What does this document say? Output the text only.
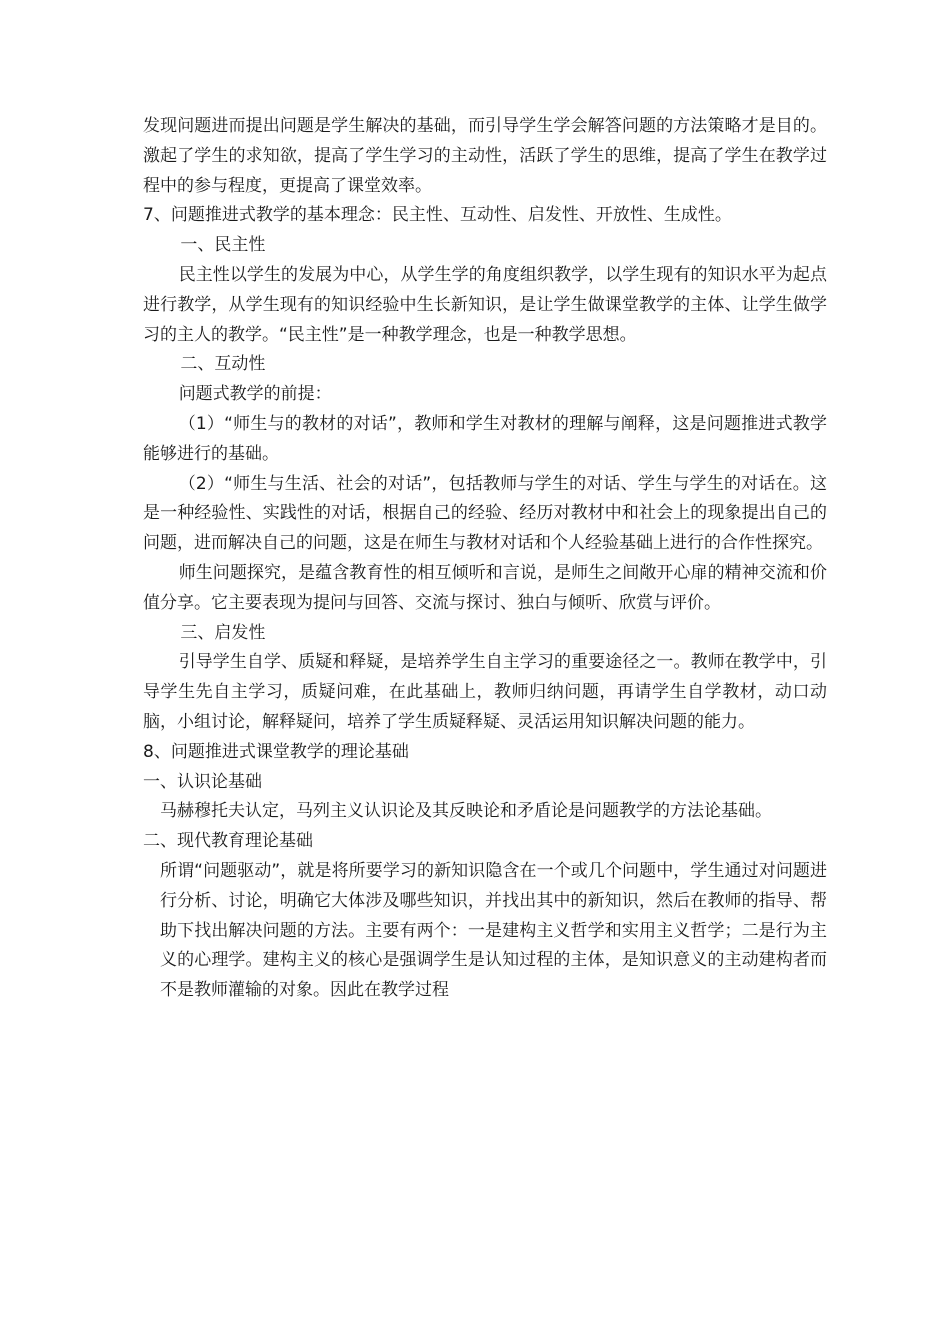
发现问题进而提出问题是学生解决的基础，而引导学生学会解答问题的方法策略才是目的。激起了学生的求知欲，提高了学生学习的主动性，活跃了学生的思维，提高了学生在教学过程中的参与程度，更提高了课堂效率。

7、问题推进式教学的基本理念：民主性、互动性、启发性、开放性、生成性。

一、民主性

民主性以学生的发展为中心，从学生学的角度组织教学，以学生现有的知识水平为起点进行教学，从学生现有的知识经验中生长新知识，是让学生做课堂教学的主体、让学生做学习的主人的教学。“民主性”是一种教学理念，也是一种教学思想。

二、互动性

问题式教学的前提：

（1）“师生与的教材的对话”，教师和学生对教材的理解与阐释，这是问题推进式教学能够进行的基础。

（2）“师生与生活、社会的对话”，包括教师与学生的对话、学生与学生的对话在。这是一种经验性、实践性的对话，根据自己的经验、经历对教材中和社会上的现象提出自己的问题，进而解决自己的问题，这是在师生与教材对话和个人经验基础上进行的合作性探究。

师生问题探究，是蕴含教育性的相互倾听和言说，是师生之间敞开心扉的精神交流和价值分享。它主要表现为提问与回答、交流与探讨、独白与倾听、欣赏与评价。

三、启发性

引导学生自学、质疑和释疑，是培养学生自主学习的重要途径之一。教师在教学中，引导学生先自主学习，质疑问难，在此基础上，教师归纳问题，再请学生自学教材，动口动脑，小组讨论，解释疑问，培养了学生质疑释疑、灵活运用知识解决问题的能力。

8、问题推进式课堂教学的理论基础

一、认识论基础

马赫穆托夫认定，马列主义认识论及其反映论和矛盾论是问题教学的方法论基础。

二、现代教育理论基础

所谓“问题驱动”，就是将所要学习的新知识隐含在一个或几个问题中，学生通过对问题进行分析、讨论，明确它大体涉及哪些知识，并找出其中的新知识，然后在教师的指导、帮助下找出解决问题的方法。主要有两个：一是建构主义哲学和实用主义哲学；二是行为主义的心理学。建构主义的核心是强调学生是认知过程的主体，是知识意义的主动建构者而不是教师灌输的对象。因此在教学过程
